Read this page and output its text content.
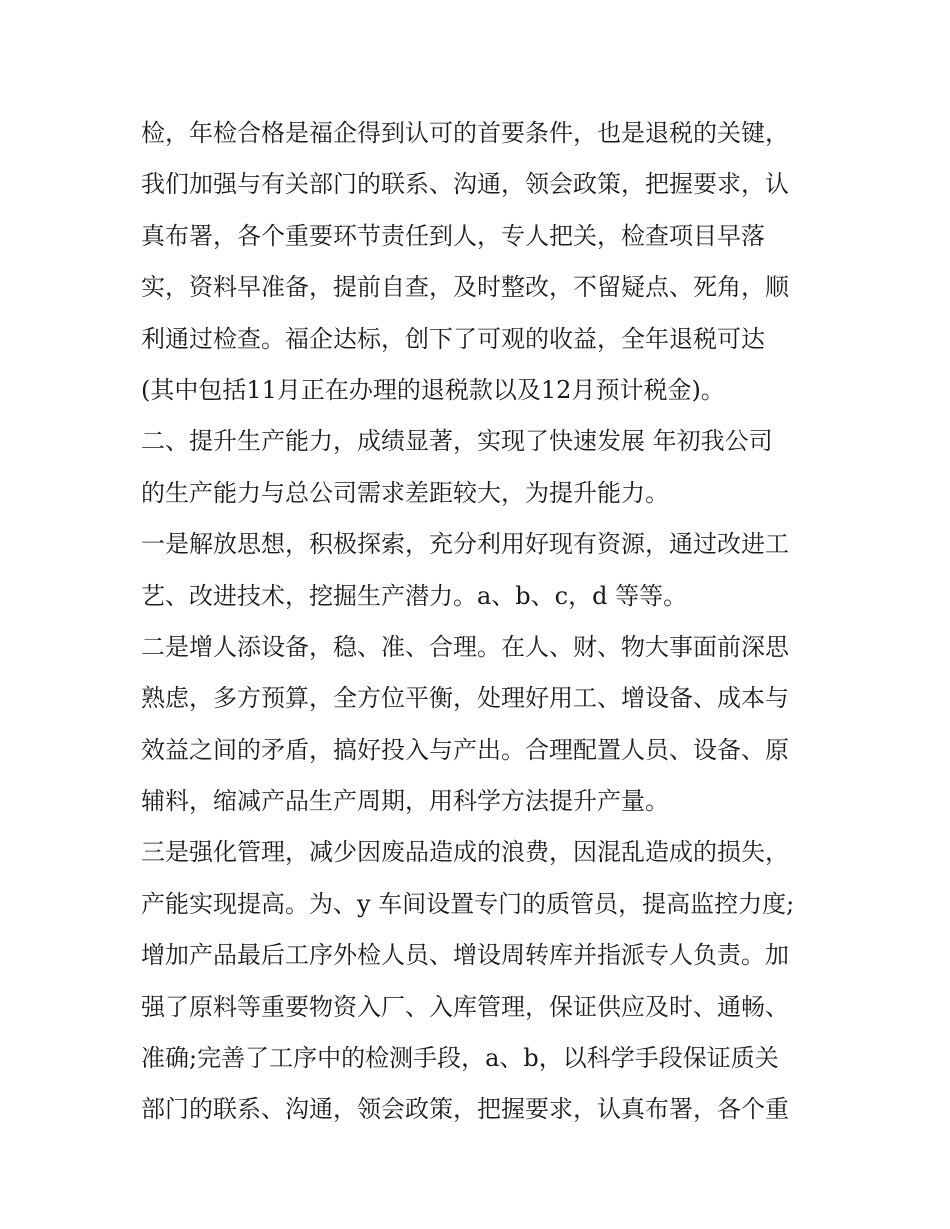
检，年检合格是福企得到认可的首要条件，也是退税的关键，
我们加强与有关部门的联系、沟通，领会政策，把握要求，认
真布署，各个重要环节责任到人，专人把关，检查项目早落
实，资料早准备，提前自查，及时整改，不留疑点、死角，顺
利通过检查。福企达标，创下了可观的收益，全年退税可达
(其中包括11月正在办理的退税款以及12月预计税金)。
二、提升生产能力，成绩显著，实现了快速发展 年初我公司
的生产能力与总公司需求差距较大，为提升能力。
一是解放思想，积极探索，充分利用好现有资源，通过改进工
艺、改进技术，挖掘生产潜力。a、b、c，d 等等。
二是增人添设备，稳、准、合理。在人、财、物大事面前深思
熟虑，多方预算，全方位平衡，处理好用工、增设备、成本与
效益之间的矛盾，搞好投入与产出。合理配置人员、设备、原
辅料，缩减产品生产周期，用科学方法提升产量。
三是强化管理，减少因废品造成的浪费，因混乱造成的损失，
产能实现提高。为、y 车间设置专门的质管员，提高监控力度;
增加产品最后工序外检人员、增设周转库并指派专人负责。加
强了原料等重要物资入厂、入库管理，保证供应及时、通畅、
准确;完善了工序中的检测手段，a、b，以科学手段保证质关
部门的联系、沟通，领会政策，把握要求，认真布署，各个重
